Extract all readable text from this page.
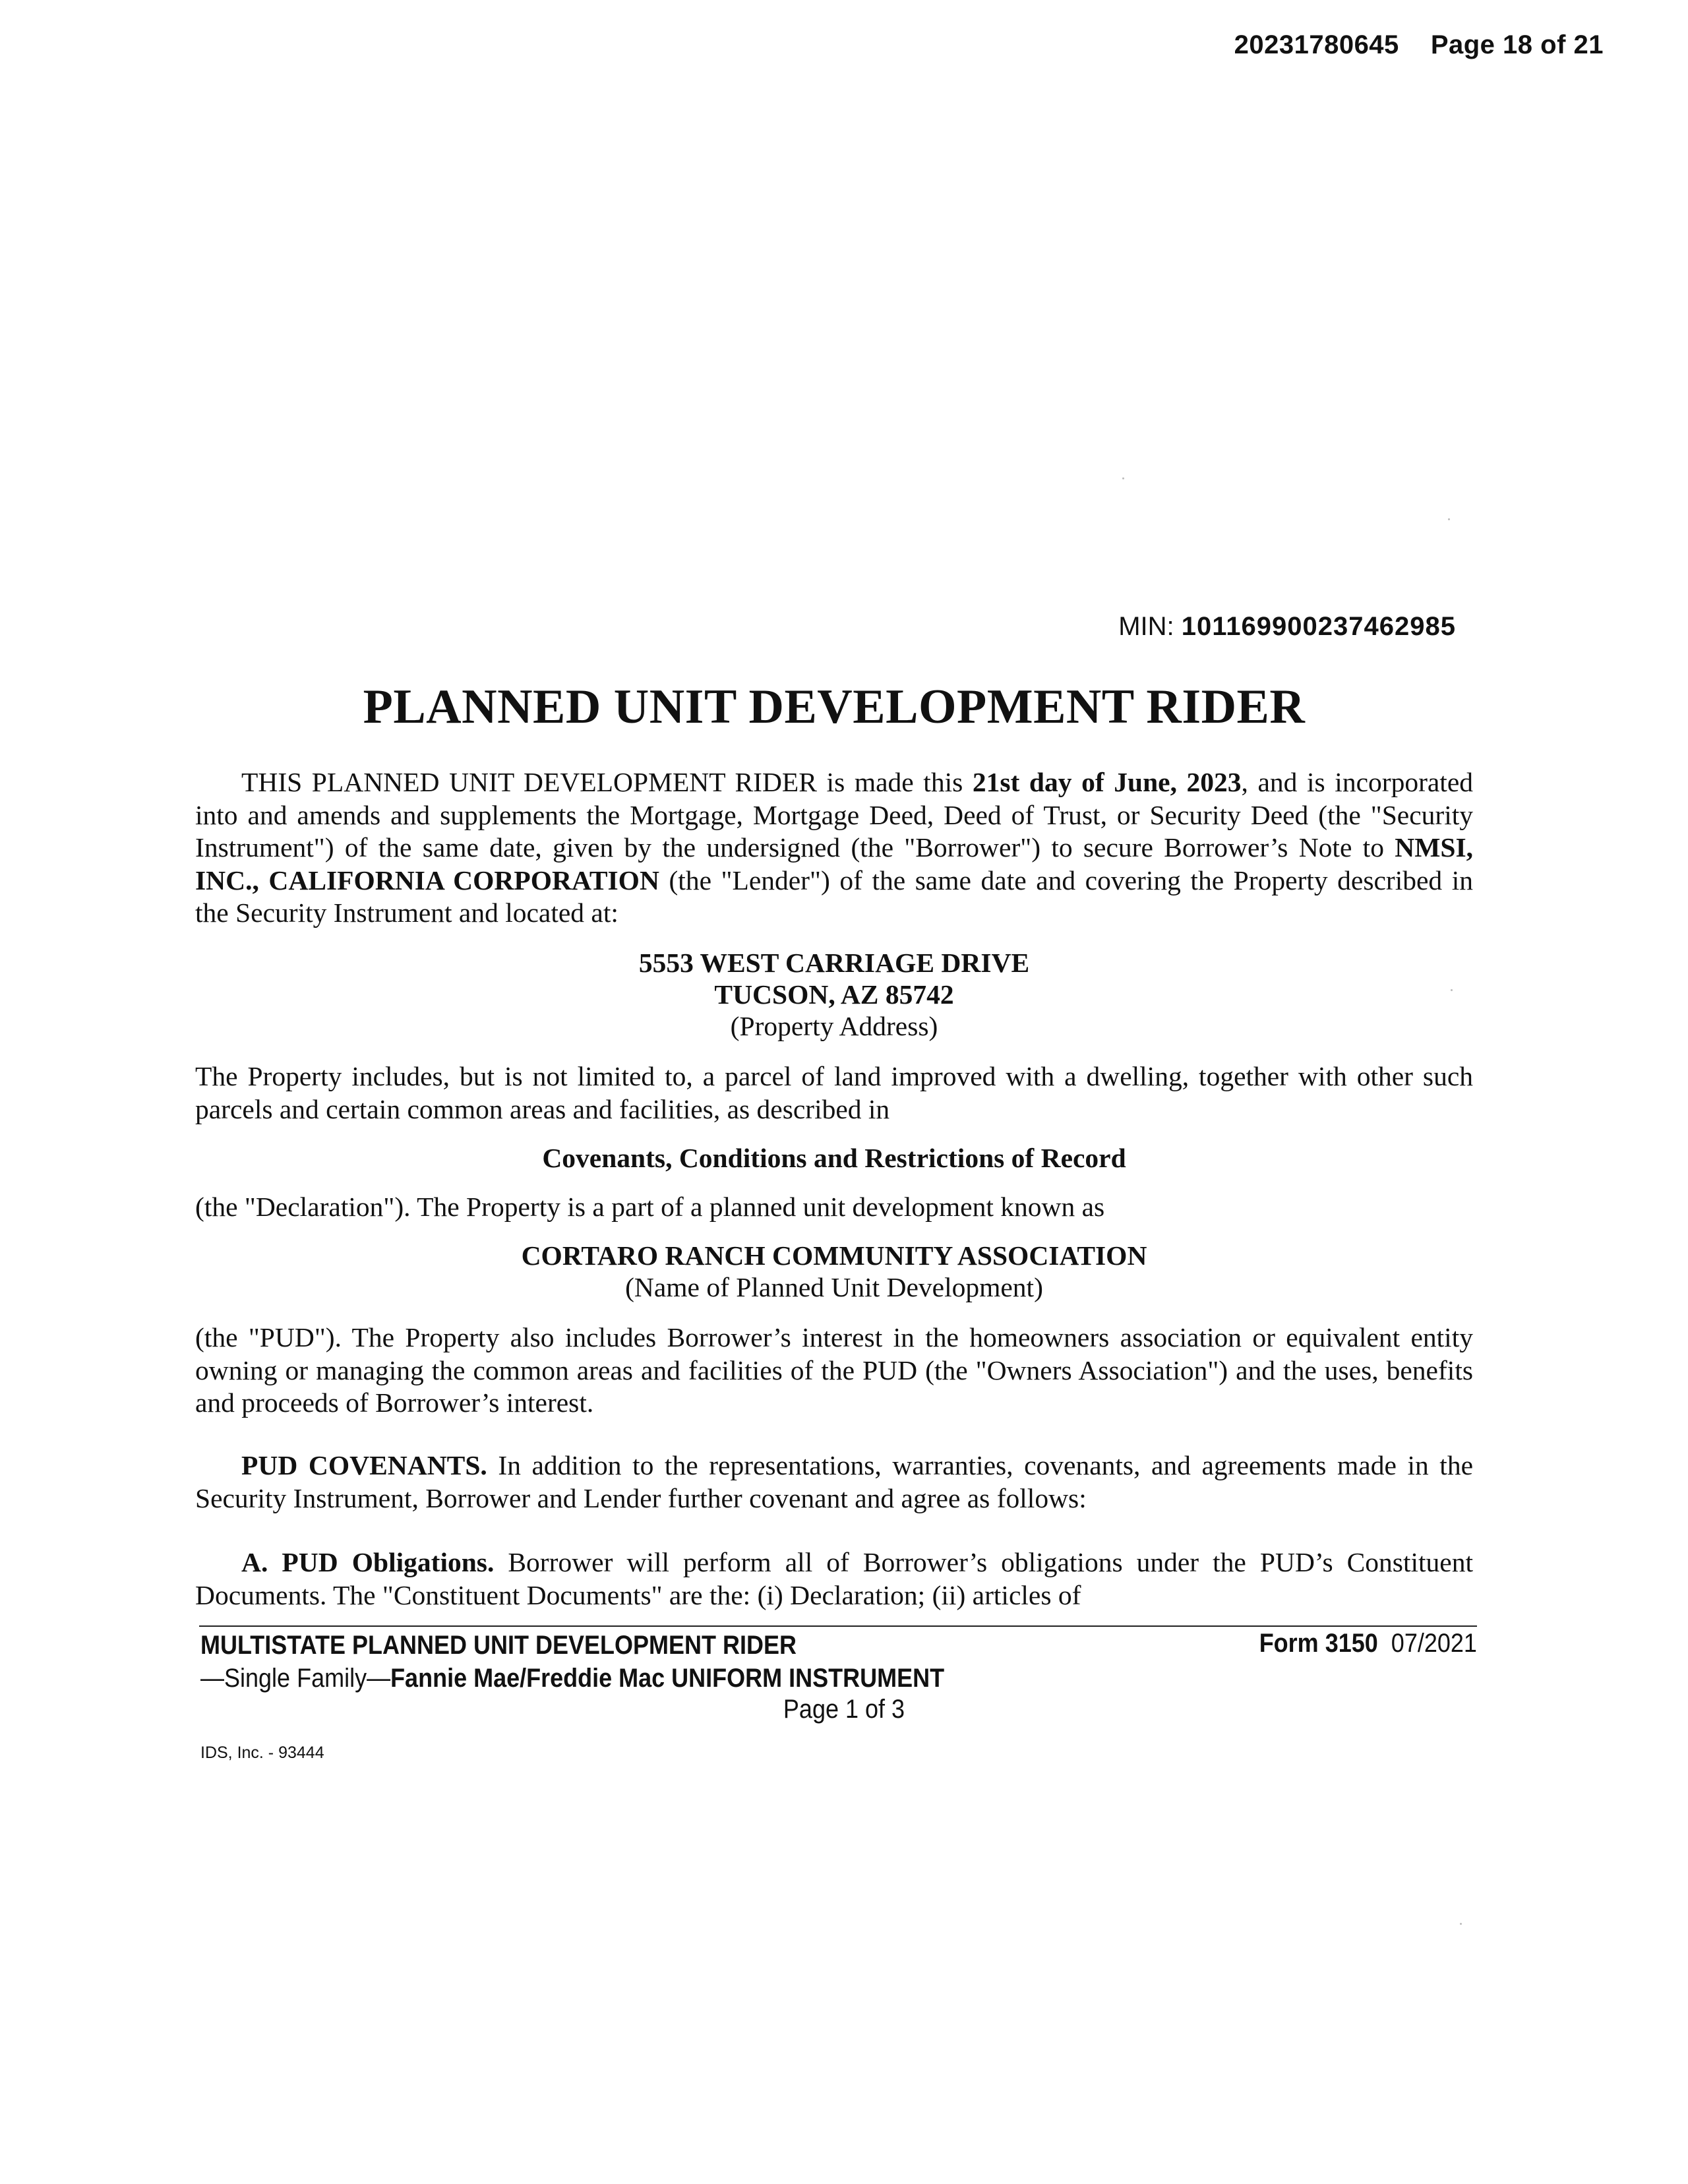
20231780645 Page 18 of 21
MIN: 101169900237462985
PLANNED UNIT DEVELOPMENT RIDER
THIS PLANNED UNIT DEVELOPMENT RIDER is made this 21st day of June, 2023, and is incorporated into and amends and supplements the Mortgage, Mortgage Deed, Deed of Trust, or Security Deed (the "Security Instrument") of the same date, given by the undersigned (the "Borrower") to secure Borrower’s Note to NMSI, INC., CALIFORNIA CORPORATION (the "Lender") of the same date and covering the Property described in the Security Instrument and located at:
5553 WEST CARRIAGE DRIVE
TUCSON, AZ 85742
(Property Address)
The Property includes, but is not limited to, a parcel of land improved with a dwelling, together with other such parcels and certain common areas and facilities, as described in
Covenants, Conditions and Restrictions of Record
(the "Declaration"). The Property is a part of a planned unit development known as
CORTARO RANCH COMMUNITY ASSOCIATION
(Name of Planned Unit Development)
(the "PUD"). The Property also includes Borrower’s interest in the homeowners association or equivalent entity owning or managing the common areas and facilities of the PUD (the "Owners Association") and the uses, benefits and proceeds of Borrower’s interest.
PUD COVENANTS. In addition to the representations, warranties, covenants, and agreements made in the Security Instrument, Borrower and Lender further covenant and agree as follows:
A. PUD Obligations. Borrower will perform all of Borrower’s obligations under the PUD’s Constituent Documents. The "Constituent Documents" are the: (i) Declaration; (ii) articles of
MULTISTATE PLANNED UNIT DEVELOPMENT RIDER
—Single Family—Fannie Mae/Freddie Mac UNIFORM INSTRUMENT
Form 3150 07/2021
Page 1 of 3
IDS, Inc. - 93444
